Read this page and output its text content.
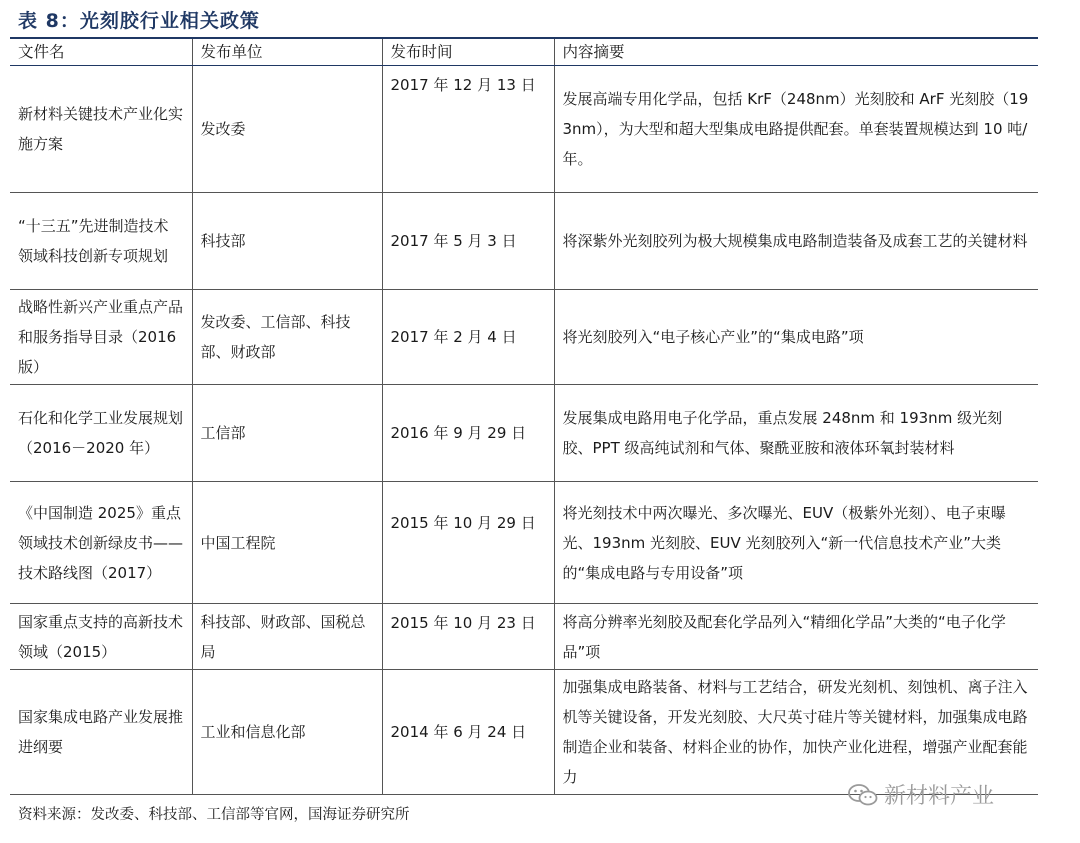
表 8：光刻胶行业相关政策
文件名	发布单位	发布时间	内容摘要
新材料关键技术产业化实施方案	发改委	2017 年 12 月 13 日	发展高端专用化学品，包括 KrF（248nm）光刻胶和 ArF 光刻胶（193nm），为大型和超大型集成电路提供配套。单套装置规模达到 10 吨/年。
“十三五”先进制造技术领域科技创新专项规划	科技部	2017 年 5 月 3 日	将深紫外光刻胶列为极大规模集成电路制造装备及成套工艺的关键材料
战略性新兴产业重点产品和服务指导目录（2016 版）	发改委、工信部、科技部、财政部	2017 年 2 月 4 日	将光刻胶列入“电子核心产业”的“集成电路”项
石化和化学工业发展规划（2016－2020 年）	工信部	2016 年 9 月 29 日	发展集成电路用电子化学品，重点发展 248nm 和 193nm 级光刻胶、PPT 级高纯试剂和气体、聚酰亚胺和液体环氧封装材料
《中国制造 2025》重点领域技术创新绿皮书——技术路线图（2017）	中国工程院	2015 年 10 月 29 日	将光刻技术中两次曝光、多次曝光、EUV（极紫外光刻）、电子束曝光、193nm 光刻胶、EUV 光刻胶列入“新一代信息技术产业”大类的“集成电路与专用设备”项
国家重点支持的高新技术领域（2015）	科技部、财政部、国税总局	2015 年 10 月 23 日	将高分辨率光刻胶及配套化学品列入“精细化学品”大类的“电子化学品”项
国家集成电路产业发展推进纲要	工业和信息化部	2014 年 6 月 24 日	加强集成电路装备、材料与工艺结合，研发光刻机、刻蚀机、离子注入机等关键设备，开发光刻胶、大尺英寸硅片等关键材料，加强集成电路制造企业和装备、材料企业的协作，加快产业化进程，增强产业配套能力
资料来源：发改委、科技部、工信部等官网，国海证券研究所
新材料产业
